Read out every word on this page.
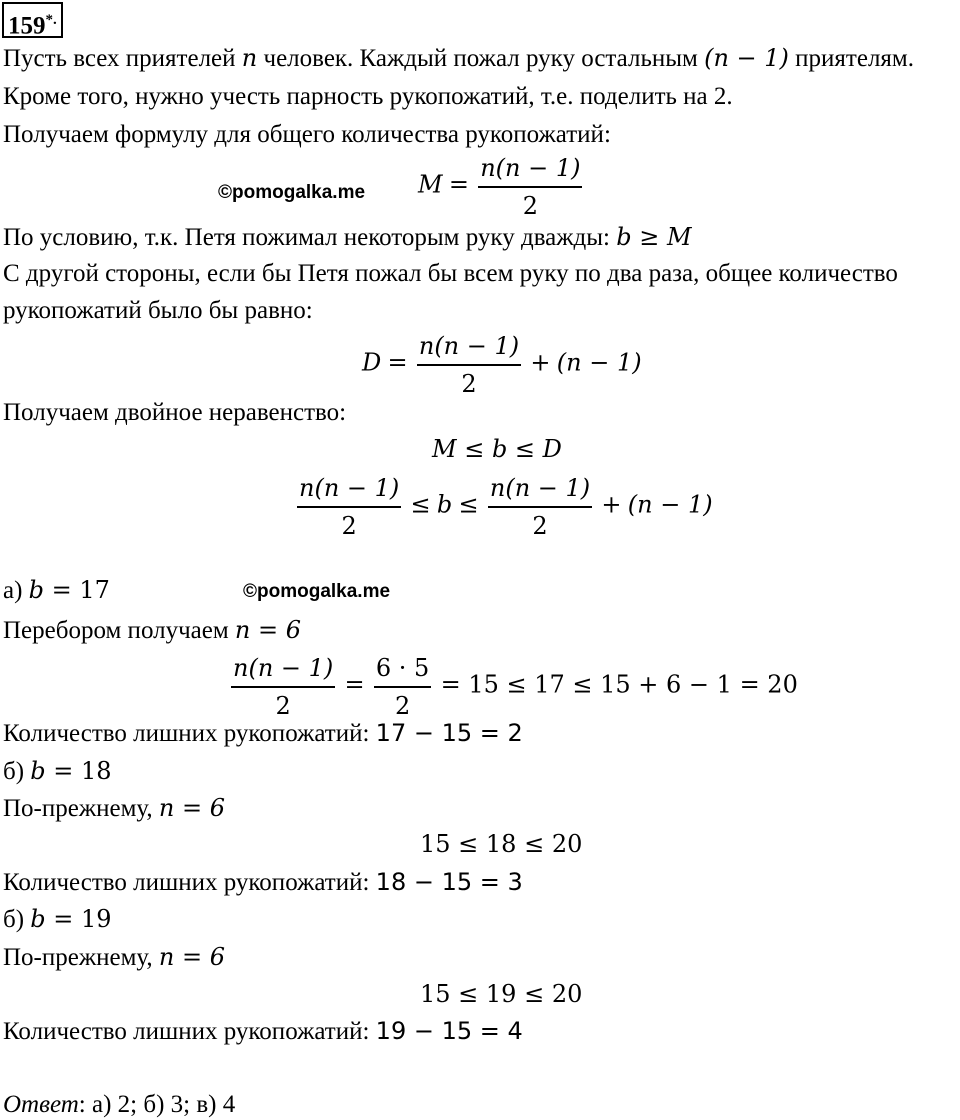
159*.
Пусть всех приятелей n человек. Каждый пожал руку остальным (n − 1) приятелям.
Кроме того, нужно учесть парность рукопожатий, т.е. поделить на 2.
Получаем формулу для общего количества рукопожатий:
©pomogalka.me $M = \frac{n(n - 1)}{2}$
По условию, т.к. Петя пожимал некоторым руку дважды: b ≥ M
С другой стороны, если бы Петя пожал бы всем руку по два раза, общее количество
рукопожатий было бы равно:
$D = \frac{n(n - 1)}{2} + (n - 1)$
Получаем двойное неравенство:
M ≤ b ≤ D
$\frac{n(n - 1)}{2} \le b \le \frac{n(n - 1)}{2} + (n - 1)$
а) b = 17	©pomogalka.me
Перебором получаем n = 6
$\frac{n(n - 1)}{2} = \frac{6 \cdot 5}{2} = 15 \le 17 \le 15 + 6 - 1 = 20$
Количество лишних рукопожатий: 17 − 15 = 2
б) b = 18
По-прежнему, n = 6
15 ≤ 18 ≤ 20
Количество лишних рукопожатий: 18 − 15 = 3
б) b = 19
По-прежнему, n = 6
15 ≤ 19 ≤ 20
Количество лишних рукопожатий: 19 − 15 = 4
Ответ: а) 2; б) 3; в) 4
